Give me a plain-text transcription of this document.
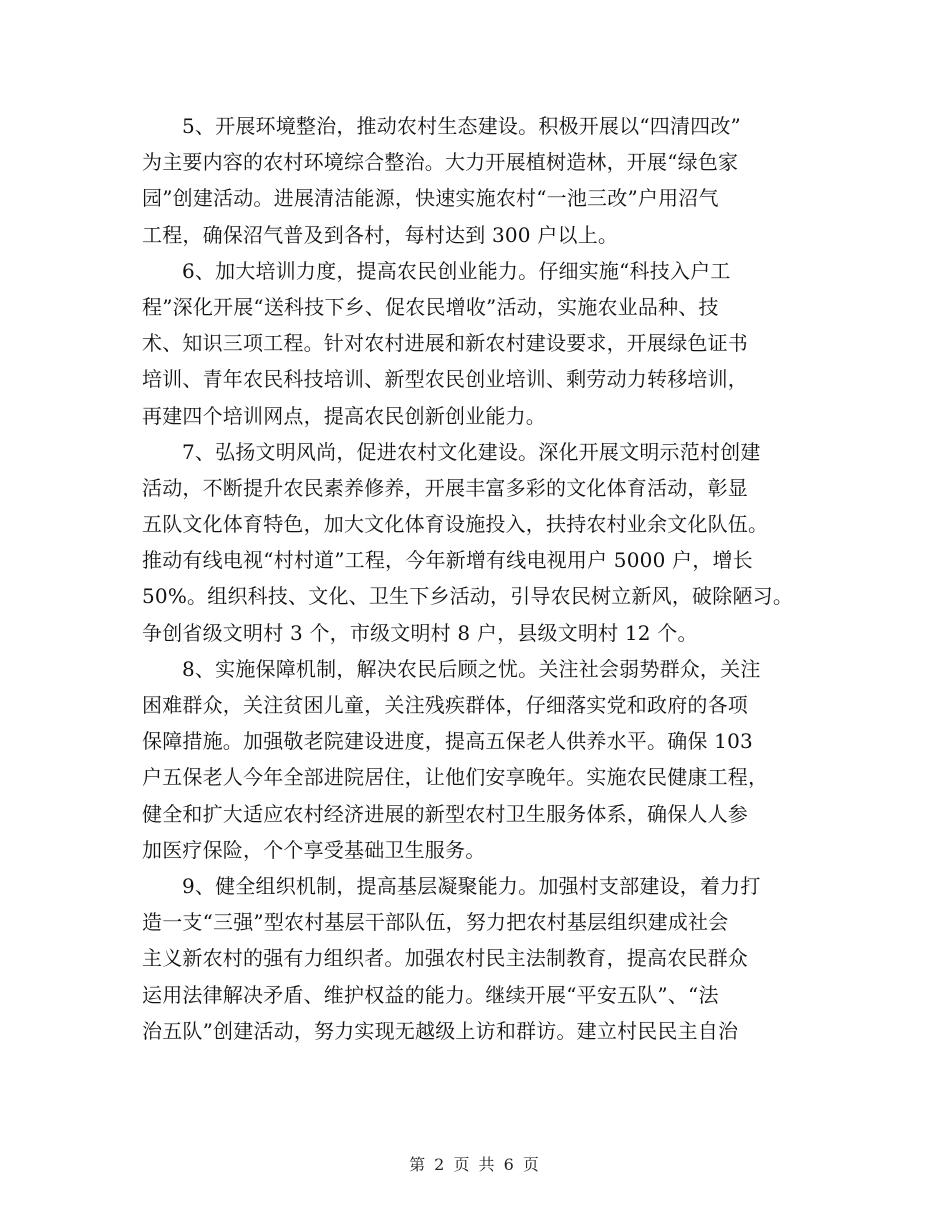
5、开展环境整治，推动农村生态建设。积极开展以“四清四改”
为主要内容的农村环境综合整治。大力开展植树造林，开展“绿色家
园”创建活动。进展清洁能源，快速实施农村“一池三改”户用沼气
工程，确保沼气普及到各村，每村达到 300 户以上。
6、加大培训力度，提高农民创业能力。仔细实施“科技入户工
程”深化开展“送科技下乡、促农民增收”活动，实施农业品种、技
术、知识三项工程。针对农村进展和新农村建设要求，开展绿色证书
培训、青年农民科技培训、新型农民创业培训、剩劳动力转移培训，
再建四个培训网点，提高农民创新创业能力。
7、弘扬文明风尚，促进农村文化建设。深化开展文明示范村创建
活动，不断提升农民素养修养，开展丰富多彩的文化体育活动，彰显
五队文化体育特色，加大文化体育设施投入，扶持农村业余文化队伍。
推动有线电视“村村道”工程，今年新增有线电视用户 5000 户，增长
50%。组织科技、文化、卫生下乡活动，引导农民树立新风，破除陋习。
争创省级文明村 3 个，市级文明村 8 户，县级文明村 12 个。
8、实施保障机制，解决农民后顾之忧。关注社会弱势群众，关注
困难群众，关注贫困儿童，关注残疾群体，仔细落实党和政府的各项
保障措施。加强敬老院建设进度，提高五保老人供养水平。确保 103
户五保老人今年全部进院居住，让他们安享晚年。实施农民健康工程，
健全和扩大适应农村经济进展的新型农村卫生服务体系，确保人人参
加医疗保险，个个享受基础卫生服务。
9、健全组织机制，提高基层凝聚能力。加强村支部建设，着力打
造一支“三强”型农村基层干部队伍，努力把农村基层组织建成社会
主义新农村的强有力组织者。加强农村民主法制教育，提高农民群众
运用法律解决矛盾、维护权益的能力。继续开展“平安五队”、“法
治五队”创建活动，努力实现无越级上访和群访。建立村民民主自治
第 2 页 共 6 页
